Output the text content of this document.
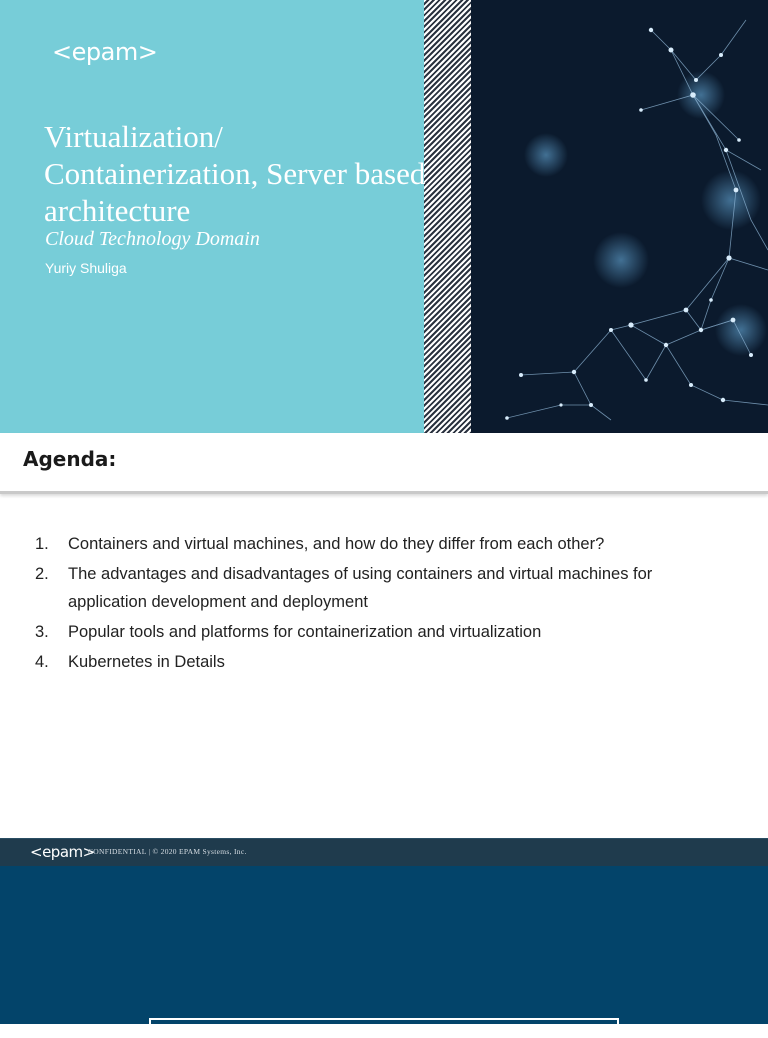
<epam>
Virtualization/
Containerization, Server based
architecture
Cloud Technology Domain
Yuriy Shuliga
Agenda:
1. Containers and virtual machines, and how do they differ from each other?
2. The advantages and disadvantages of using containers and virtual machines for application development and deployment
3. Popular tools and platforms for containerization and virtualization
4. Kubernetes in Details
<epam>
CONFIDENTIAL | © 2020 EPAM Systems, Inc.
